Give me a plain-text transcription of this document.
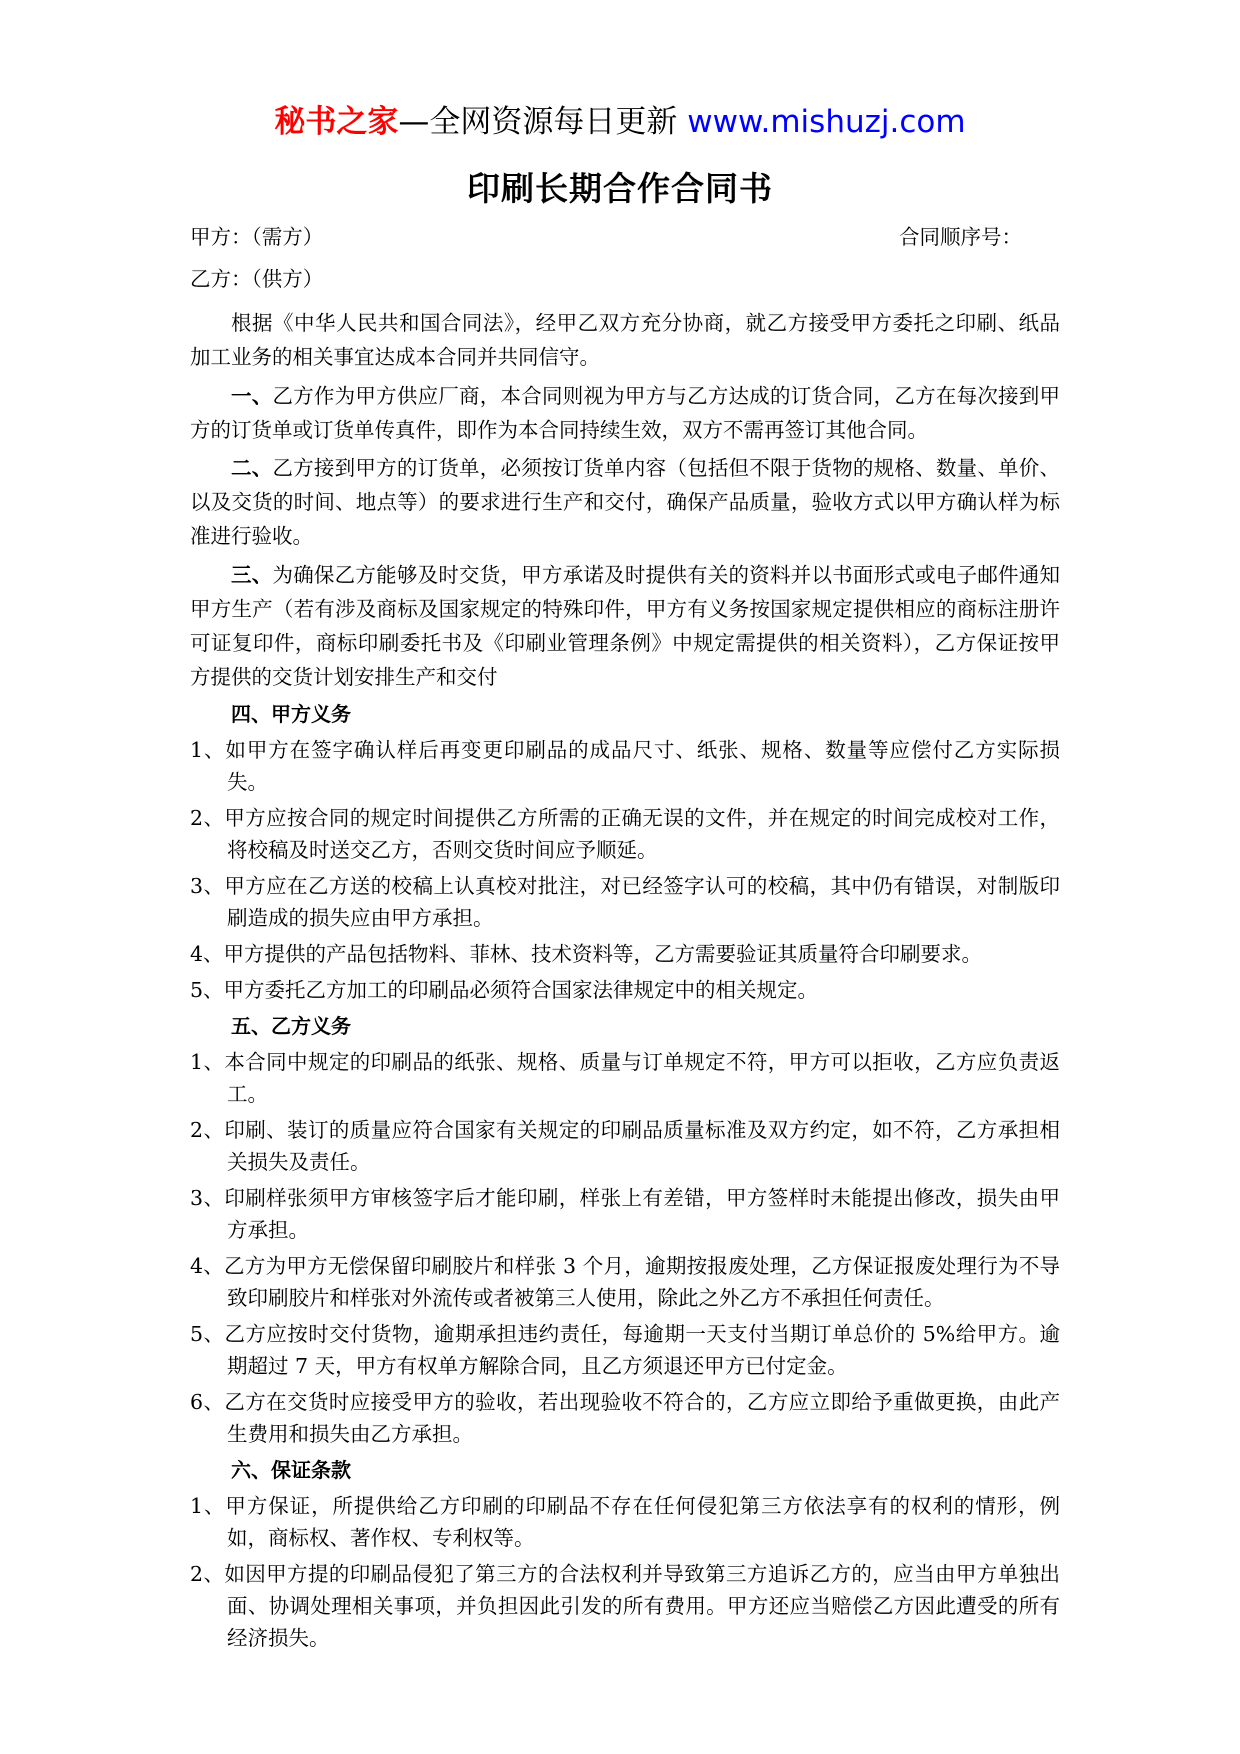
秘书之家—全网资源每日更新 www.mishuzj.com
印刷长期合作合同书
甲方：（需方）	合同顺序号：
乙方：（供方）

根据《中华人民共和国合同法》，经甲乙双方充分协商，就乙方接受甲方委托之印刷、纸品加工业务的相关事宜达成本合同并共同信守。

一、乙方作为甲方供应厂商，本合同则视为甲方与乙方达成的订货合同，乙方在每次接到甲方的订货单或订货单传真件，即作为本合同持续生效，双方不需再签订其他合同。

二、乙方接到甲方的订货单，必须按订货单内容（包括但不限于货物的规格、数量、单价、以及交货的时间、地点等）的要求进行生产和交付，确保产品质量，验收方式以甲方确认样为标准进行验收。

三、为确保乙方能够及时交货，甲方承诺及时提供有关的资料并以书面形式或电子邮件通知甲方生产（若有涉及商标及国家规定的特殊印件，甲方有义务按国家规定提供相应的商标注册许可证复印件，商标印刷委托书及《印刷业管理条例》中规定需提供的相关资料），乙方保证按甲方提供的交货计划安排生产和交付

四、甲方义务

1、如甲方在签字确认样后再变更印刷品的成品尺寸、纸张、规格、数量等应偿付乙方实际损失。

2、甲方应按合同的规定时间提供乙方所需的正确无误的文件，并在规定的时间完成校对工作，将校稿及时送交乙方，否则交货时间应予顺延。

3、甲方应在乙方送的校稿上认真校对批注，对已经签字认可的校稿，其中仍有错误，对制版印刷造成的损失应由甲方承担。

4、甲方提供的产品包括物料、菲林、技术资料等，乙方需要验证其质量符合印刷要求。

5、甲方委托乙方加工的印刷品必须符合国家法律规定中的相关规定。

五、乙方义务

1、本合同中规定的印刷品的纸张、规格、质量与订单规定不符，甲方可以拒收，乙方应负责返工。

2、印刷、装订的质量应符合国家有关规定的印刷品质量标准及双方约定，如不符，乙方承担相关损失及责任。

3、印刷样张须甲方审核签字后才能印刷，样张上有差错，甲方签样时未能提出修改，损失由甲方承担。

4、乙方为甲方无偿保留印刷胶片和样张 3 个月，逾期按报废处理，乙方保证报废处理行为不导致印刷胶片和样张对外流传或者被第三人使用，除此之外乙方不承担任何责任。

5、乙方应按时交付货物，逾期承担违约责任，每逾期一天支付当期订单总价的 5%给甲方。逾期超过 7 天，甲方有权单方解除合同，且乙方须退还甲方已付定金。

6、乙方在交货时应接受甲方的验收，若出现验收不符合的，乙方应立即给予重做更换，由此产生费用和损失由乙方承担。

六、保证条款

1、甲方保证，所提供给乙方印刷的印刷品不存在任何侵犯第三方依法享有的权利的情形，例如，商标权、著作权、专利权等。

2、如因甲方提的印刷品侵犯了第三方的合法权利并导致第三方追诉乙方的，应当由甲方单独出面、协调处理相关事项，并负担因此引发的所有费用。甲方还应当赔偿乙方因此遭受的所有经济损失。
